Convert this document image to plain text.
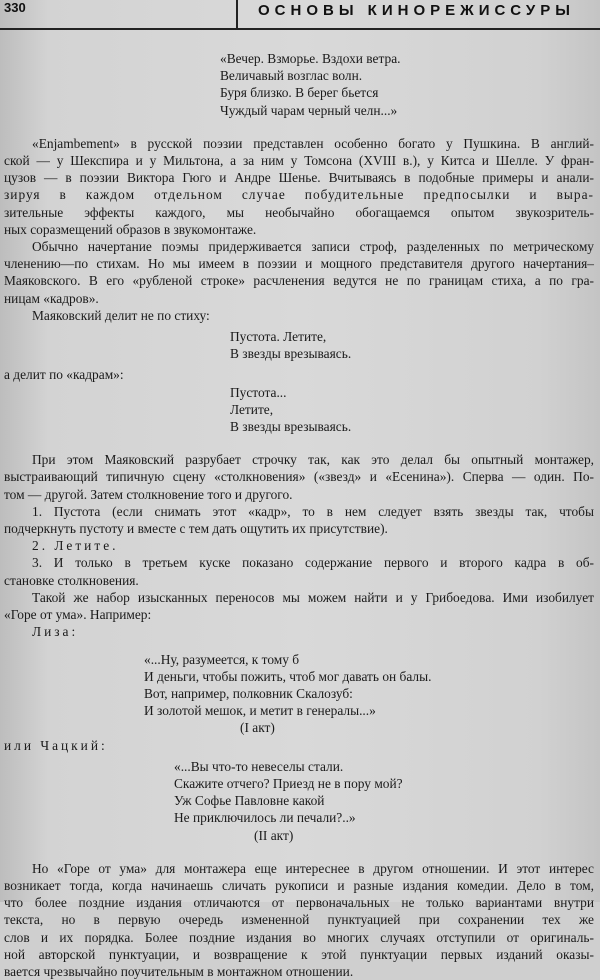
330	ОСНОВЫ КИНОРЕЖИССУРЫ
«Вечер. Взморье. Вздохи ветра.
Величавый возглас волн.
Буря близко. В берег бьется
Чуждый чарам черный челн...»
«Enjambement» в русской поэзии представлен особенно богато у Пушкина. В англий-
ской — у Шекспира и у Мильтона, а за ним у Томсона (XVIII в.), у Китса и Шелле. У фран-
цузов — в поэзии Виктора Гюго и Андре Шенье. Вчитываясь в подобные примеры и анали-
зируя в каждом отдельном случае побудительные предпосылки и выра-
зительные эффекты каждого, мы необычайно обогащаемся опытом звукозритель-
ных соразмещений образов в звукомонтаже.
Обычно начертание поэмы придерживается записи строф, разделенных по метрическому
членению—по стихам. Но мы имеем в поэзии и мощного представителя другого начертания–
Маяковского. В его «рубленой строке» расчленения ведутся не по границам стиха, а по гра-
ницам «кадров».
Маяковский делит не по стиху:
Пустота. Летите,
В звезды врезываясь.
а делит по «кадрам»:
Пустота...
Летите,
В звезды врезываясь.
При этом Маяковский разрубает строчку так, как это делал бы опытный монтажер,
выстраивающий типичную сцену «столкновения» («звезд» и «Есенина»). Сперва — один. По-
том — другой. Затем столкновение того и другого.
1. Пустота (если снимать этот «кадр», то в нем следует взять звезды так, чтобы
подчеркнуть пустоту и вместе с тем дать ощутить их присутствие).
2. Летите.
3. И только в третьем куске показано содержание первого и второго кадра в об-
становке столкновения.
Такой же набор изысканных переносов мы можем найти и у Грибоедова. Ими изобилует
«Горе от ума». Например:
Лиза:
«...Ну, разумеется, к тому б
И деньги, чтобы пожить, чтоб мог давать он балы.
Вот, например, полковник Скалозуб:
И золотой мешок, и метит в генералы...»
(I акт)
или Чацкий:
«...Вы что-то невеселы стали.
Скажите отчего? Приезд не в пору мой?
Уж Софье Павловне какой
Не приключилось ли печали?..»
(II акт)
Но «Горе от ума» для монтажера еще интереснее в другом отношении. И этот интерес
возникает тогда, когда начинаешь сличать рукописи и разные издания комедии. Дело в том,
что более поздние издания отличаются от первоначальных не только вариантами внутри
текста, но в первую очередь измененной пунктуацией при сохранении тех же
слов и их порядка. Более поздние издания во многих случаях отступили от оригиналь-
ной авторской пунктуации, и возвращение к этой пунктуации первых изданий оказы-
вается чрезвычайно поучительным в монтажном отношении.
